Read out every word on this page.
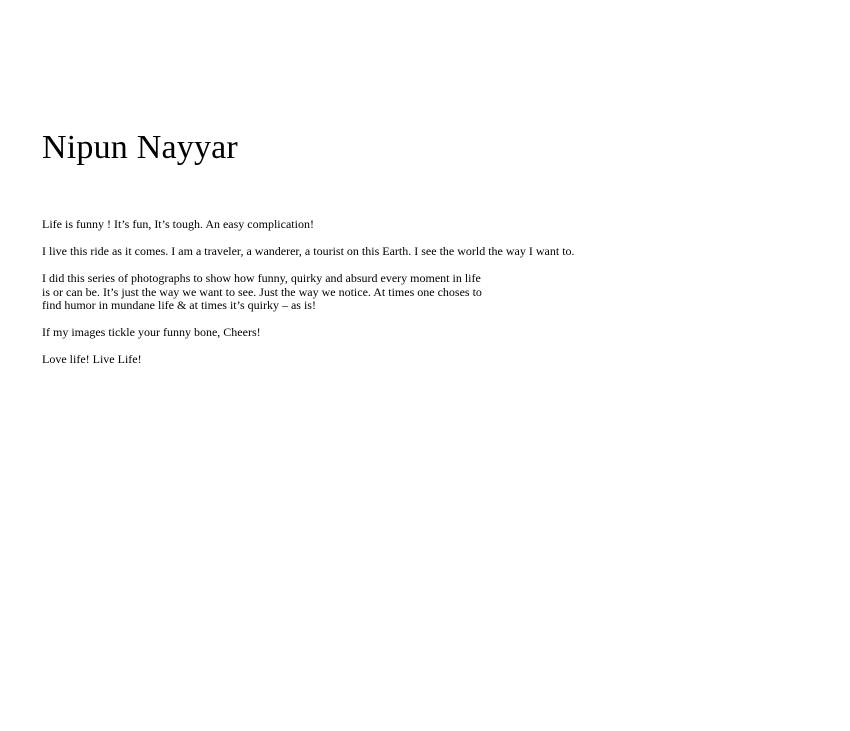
Nipun Nayyar

Life is funny ! It’s fun, It’s tough. An easy complication!

I live this ride as it comes. I am a traveler, a wanderer, a tourist on this Earth. I see the world the way I want to.

I did this series of photographs to show how funny, quirky and absurd every moment in life is or can be. It’s just the way we want to see. Just the way we notice. At times one choses to find humor in mundane life & at times it’s quirky – as is!

If my images tickle your funny bone, Cheers!

Love life! Live Life!
